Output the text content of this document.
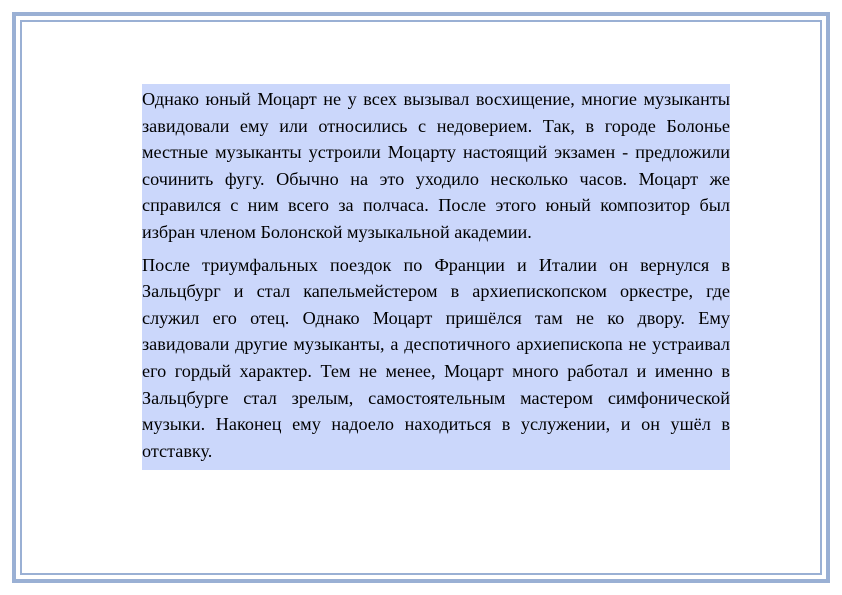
Однако юный Моцарт не у всех вызывал восхищение, многие музыканты завидовали ему или относились с недоверием. Так, в городе Болонье местные музыканты устроили Моцарту настоящий экзамен - предложили сочинить фугу. Обычно на это уходило несколько часов. Моцарт же справился с ним всего за полчаса. После этого юный композитор был избран членом Болонской музыкальной академии.

После триумфальных поездок по Франции и Италии он вернулся в Зальцбург и стал капельмейстером в архиепископском оркестре, где служил его отец. Однако Моцарт пришёлся там не ко двору. Ему завидовали другие музыканты, а деспотичного архиепископа не устраивал его гордый характер. Тем не менее, Моцарт много работал и именно в Зальцбурге стал зрелым, самостоятельным мастером симфонической музыки. Наконец ему надоело находиться в услужении, и он ушёл в отставку.
